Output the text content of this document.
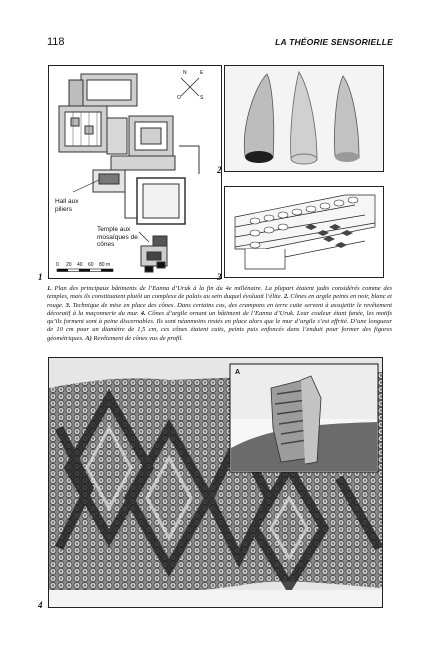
118	LA THÉORIE SENSORIELLE
N	E
O	S
Hall aux piliers
Temple aux mosaïques de cônes
0 20 40 60 80 m
1
2
3
1. Plan des principaux bâtiments de l’Eanna d’Uruk à la fin du 4e millénaire. La plupart étaient jadis considérés comme des temples, mais ils constituaient plutôt un complexe de palais au sein duquel évoluait l’élite. 2. Cônes en argile peints en noir, blanc et rouge. 3. Technique de mise en place des cônes. Dans certains cas, des crampons en terre cuite servent à assujettir le revêtement décoratif à la maçonnerie du mur. 4. Cônes d’argile ornant un bâtiment de l’Eanna d’Uruk. Leur couleur étant fanée, les motifs qu’ils forment sont à peine discernables. Ils sont néanmoins restés en place alors que le mur d’argile s’est effrité. D’une longueur de 10 cm pour un diamètre de 1,5 cm, ces cônes étaient cuits, peints puis enfoncés dans l’enduit pour former des figures géométriques. A) Revêtement de cônes vus de profil.
A
4
